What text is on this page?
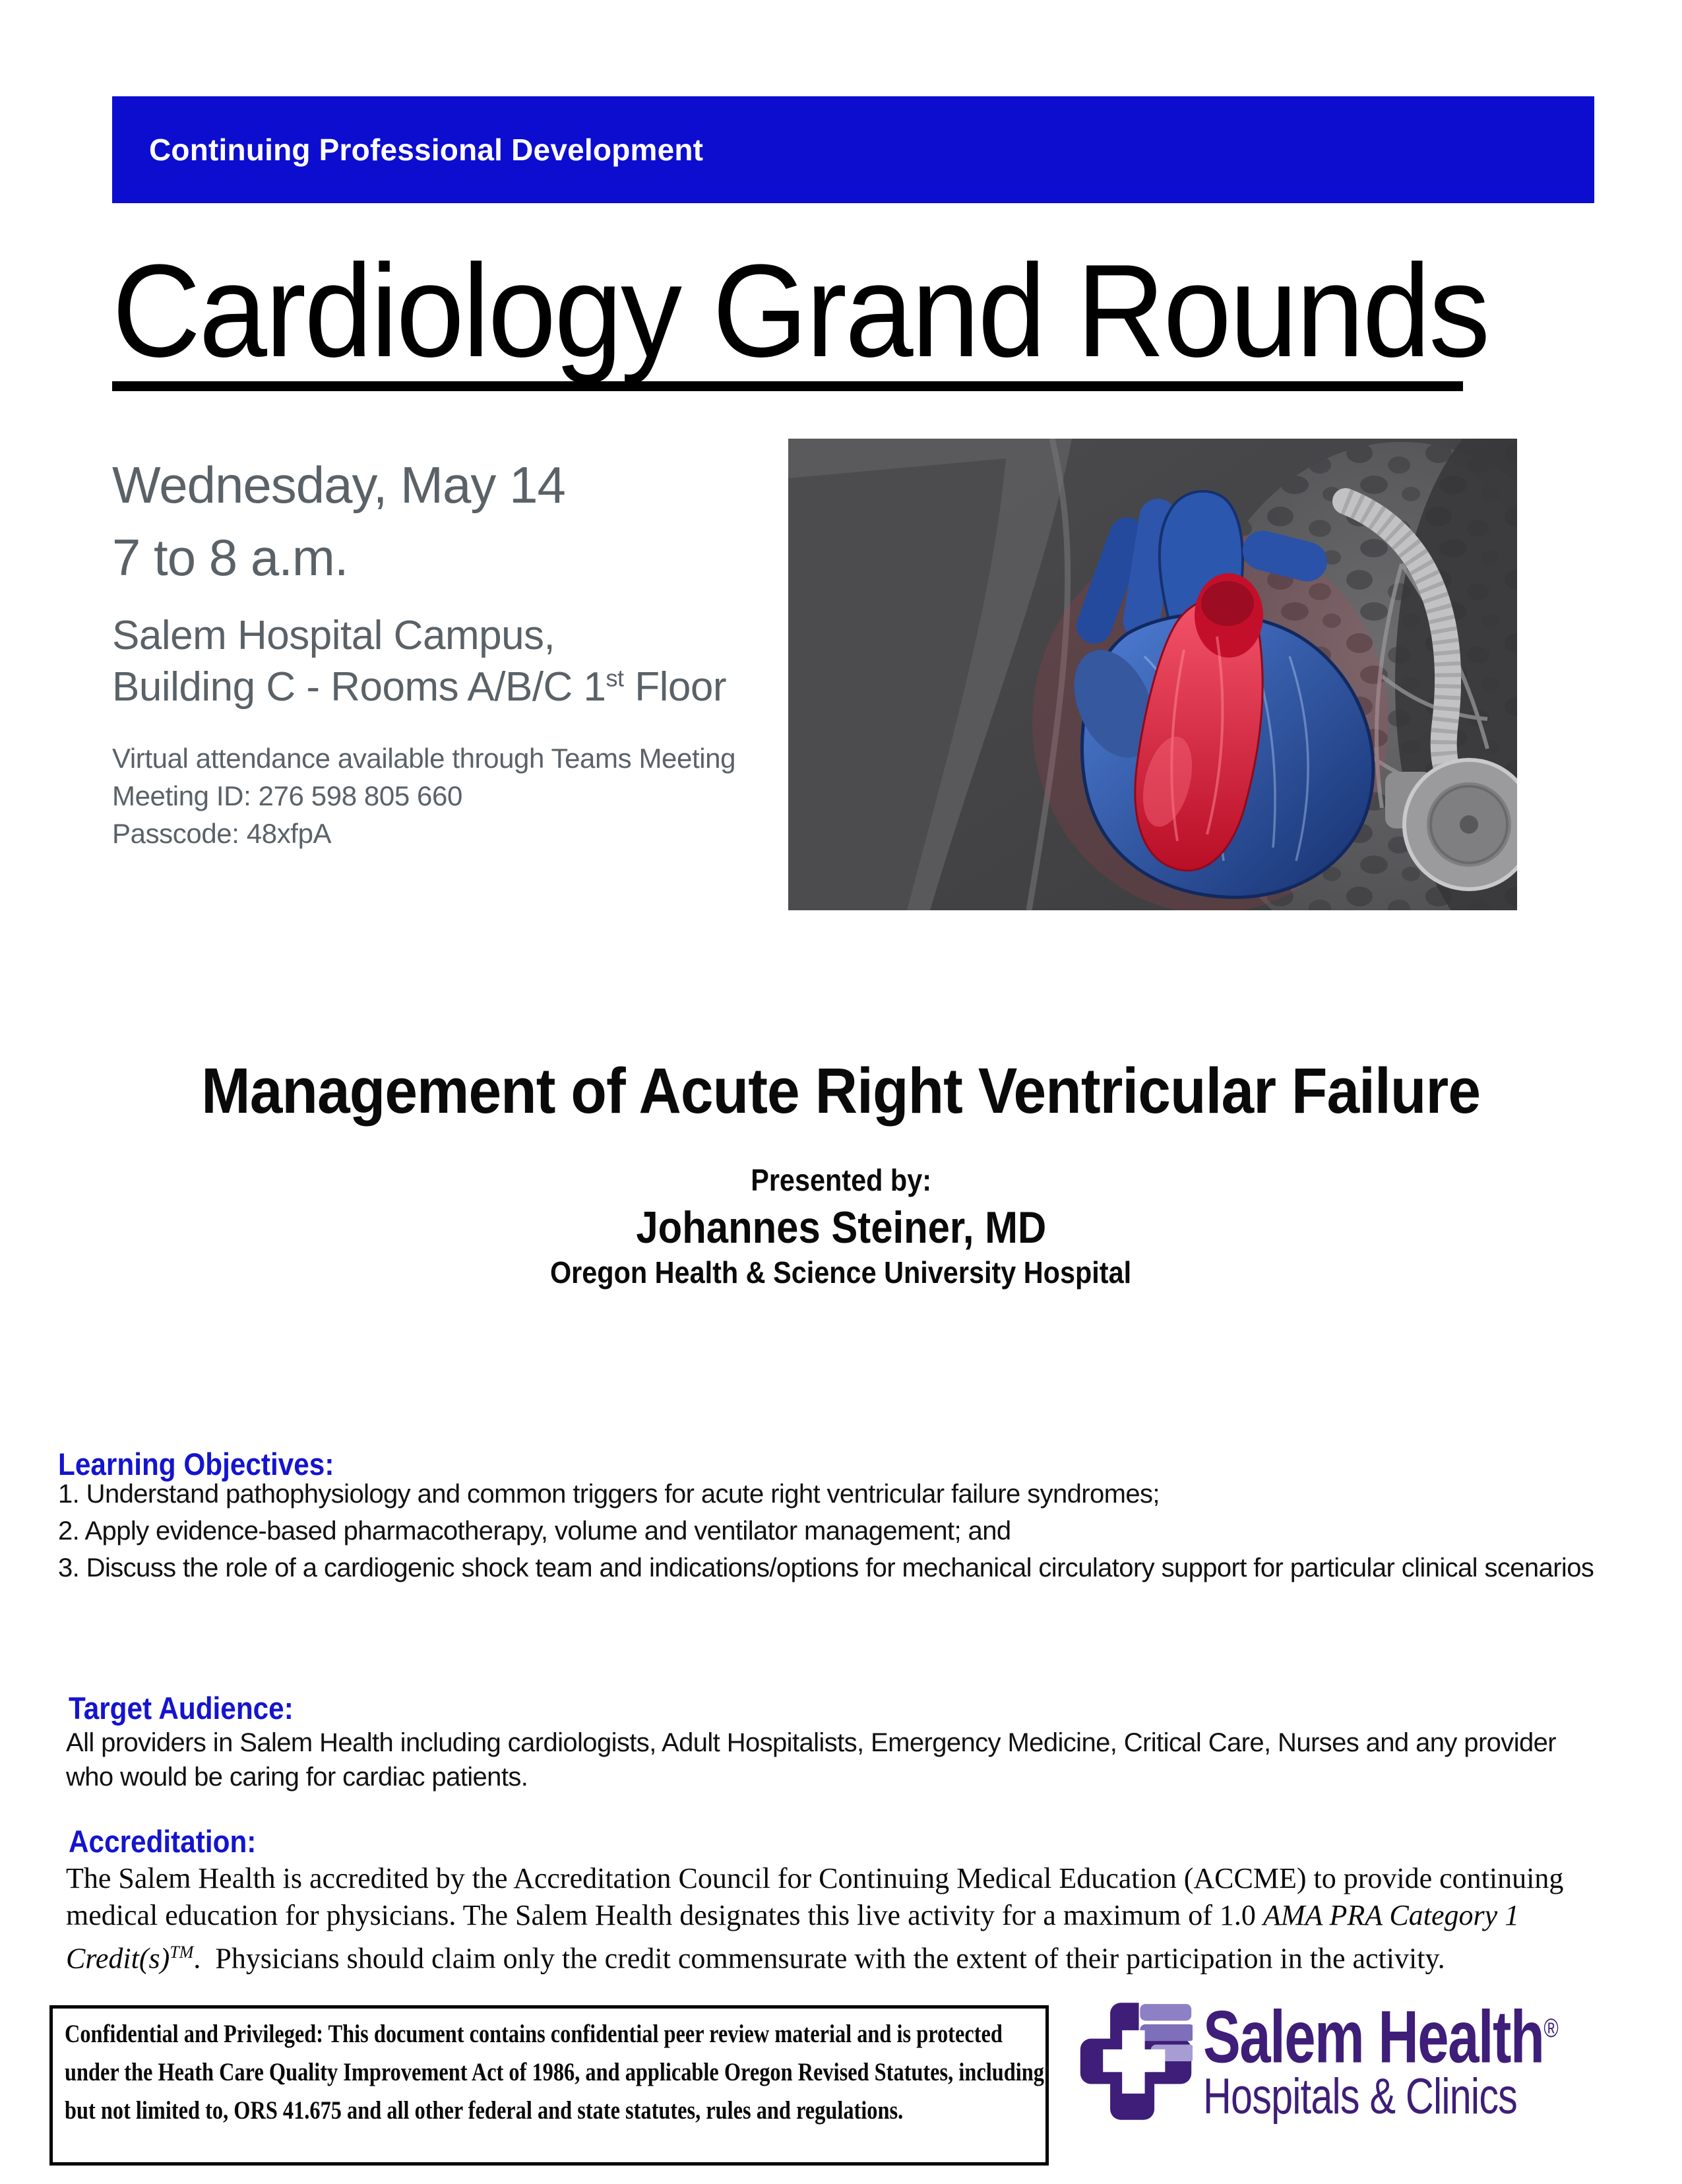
Continuing Professional Development
Cardiology Grand Rounds
Wednesday, May 14
7 to 8 a.m.
Salem Hospital Campus,
Building C - Rooms A/B/C 1st Floor
Virtual attendance available through Teams Meeting
Meeting ID: 276 598 805 660
Passcode: 48xfpA
Management of Acute Right Ventricular Failure
Presented by:
Johannes Steiner, MD
Oregon Health & Science University Hospital
Learning Objectives:
1. Understand pathophysiology and common triggers for acute right ventricular failure syndromes;
2. Apply evidence-based pharmacotherapy, volume and ventilator management; and
3. Discuss the role of a cardiogenic shock team and indications/options for mechanical circulatory support for particular clinical scenarios
Target Audience:
All providers in Salem Health including cardiologists, Adult Hospitalists, Emergency Medicine, Critical Care, Nurses and any provider who would be caring for cardiac patients.
Accreditation:
The Salem Health is accredited by the Accreditation Council for Continuing Medical Education (ACCME) to provide continuing medical education for physicians. The Salem Health designates this live activity for a maximum of 1.0 AMA PRA Category 1 Credit(s)™.  Physicians should claim only the credit commensurate with the extent of their participation in the activity.
Confidential and Privileged: This document contains confidential peer review material and is protected under the Heath Care Quality Improvement Act of 1986, and applicable Oregon Revised Statutes, including but not limited to, ORS 41.675 and all other federal and state statutes, rules and regulations.
Salem Health®
Hospitals & Clinics
